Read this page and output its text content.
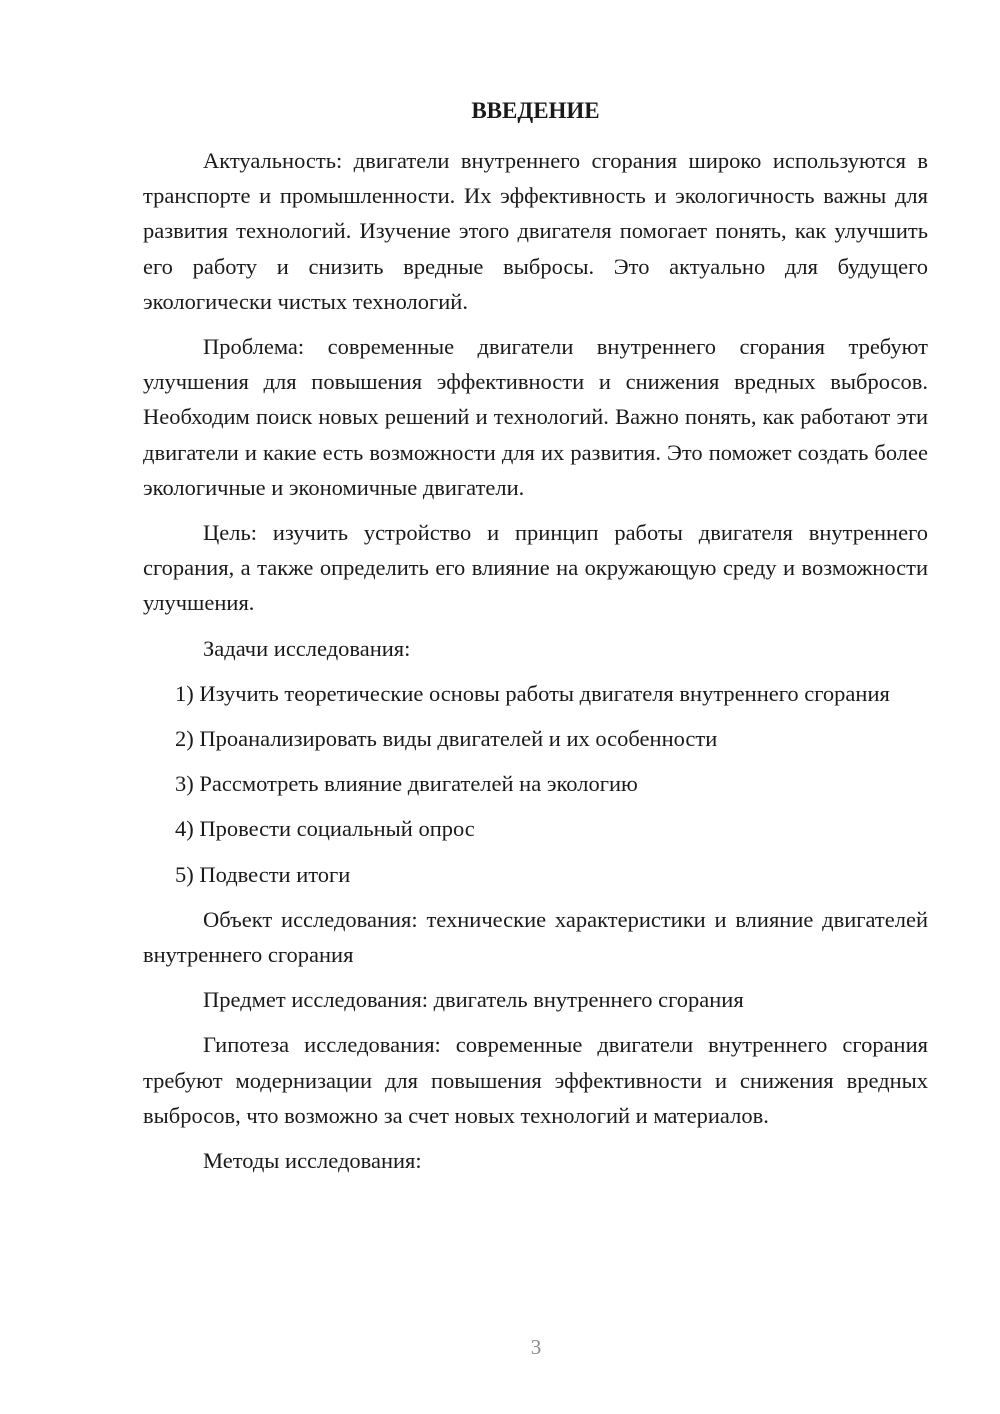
ВВЕДЕНИЕ

Актуальность: двигатели внутреннего сгорания широко используются в транспорте и промышленности. Их эффективность и экологичность важны для развития технологий. Изучение этого двигателя помогает понять, как улучшить его работу и снизить вредные выбросы. Это актуально для будущего экологически чистых технологий.

Проблема: современные двигатели внутреннего сгорания требуют улучшения для повышения эффективности и снижения вредных выбросов. Необходим поиск новых решений и технологий. Важно понять, как работают эти двигатели и какие есть возможности для их развития. Это поможет создать более экологичные и экономичные двигатели.

Цель: изучить устройство и принцип работы двигателя внутреннего сгорания, а также определить его влияние на окружающую среду и возможности улучшения.

Задачи исследования:

1) Изучить теоретические основы работы двигателя внутреннего сгорания

2) Проанализировать виды двигателей и их особенности

3) Рассмотреть влияние двигателей на экологию

4) Провести социальный опрос

5) Подвести итоги

Объект исследования: технические характеристики и влияние двигателей внутреннего сгорания

Предмет исследования: двигатель внутреннего сгорания

Гипотеза исследования: современные двигатели внутреннего сгорания требуют модернизации для повышения эффективности и снижения вредных выбросов, что возможно за счет новых технологий и материалов.

Методы исследования:

3
